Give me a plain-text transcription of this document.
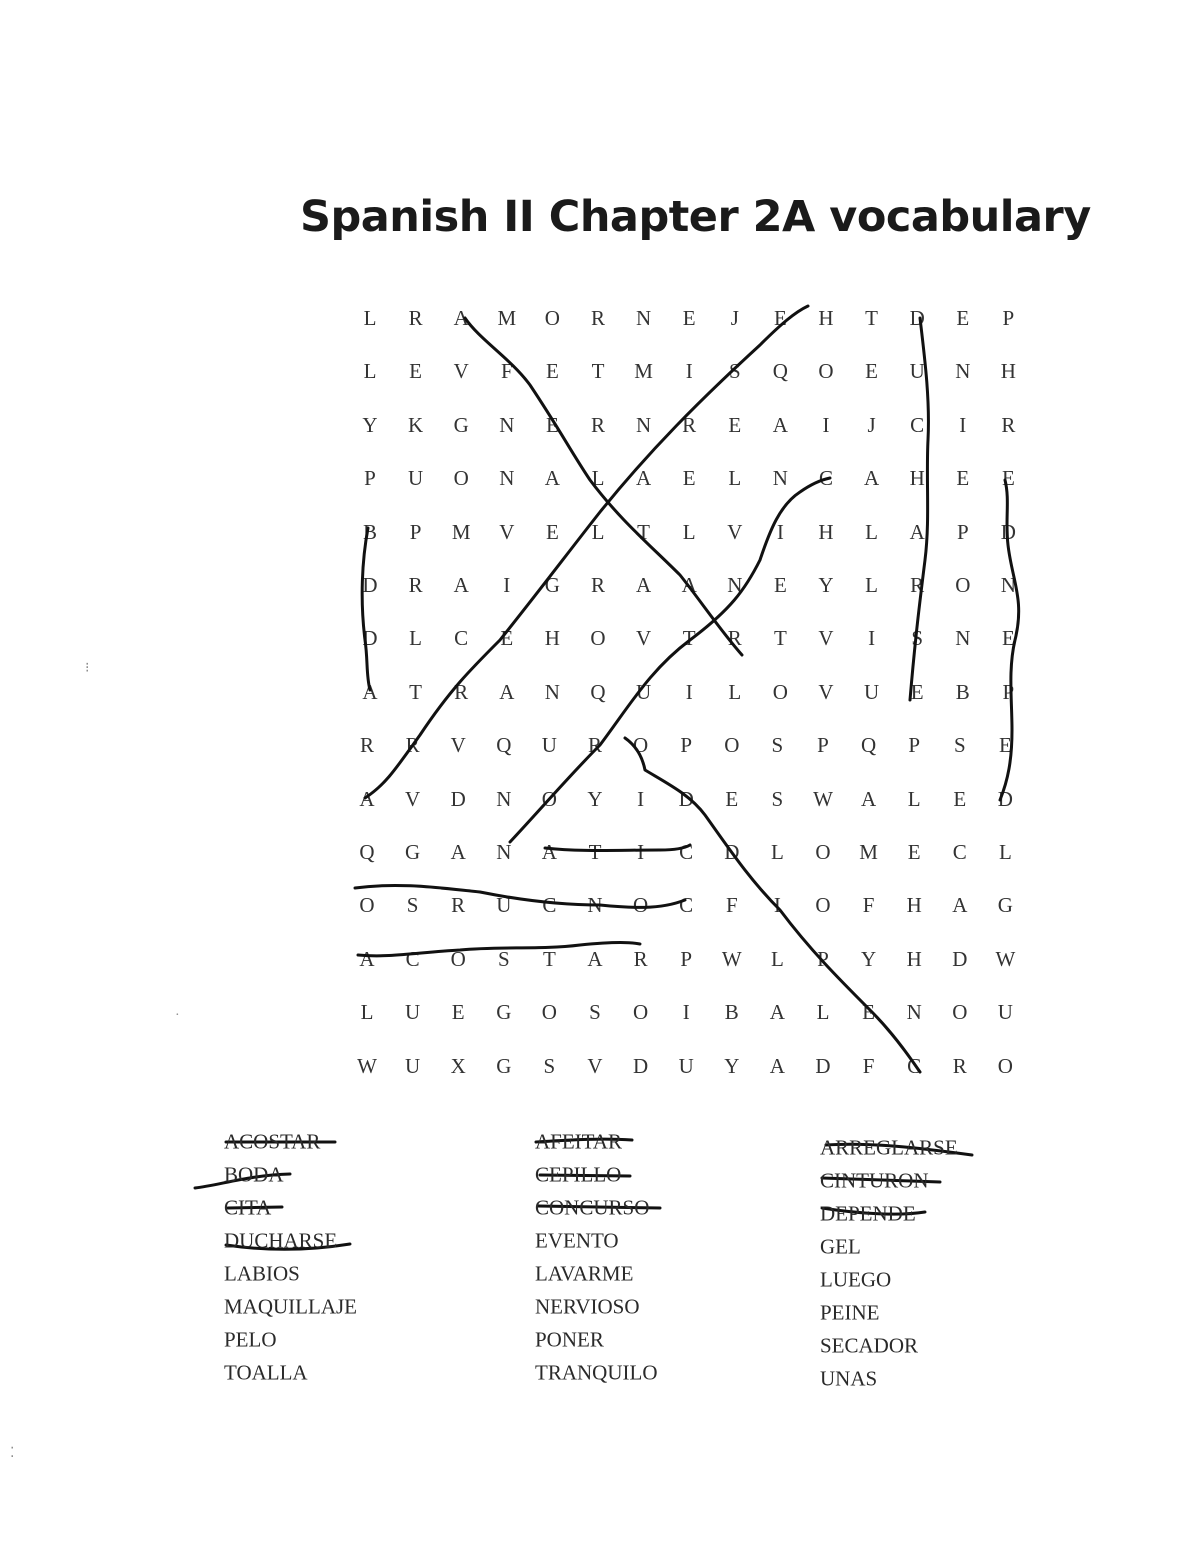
Spanish II Chapter 2A vocabulary
L	R	A	M	O	R	N	E	J	E	H	T	D	E	P
L	E	V	F	E	T	M	I	S	Q	O	E	U	N	H
Y	K	G	N	E	R	N	R	E	A	I	J	C	I	R
P	U	O	N	A	L	A	E	L	N	C	A	H	E	E
B	P	M	V	E	L	T	L	V	I	H	L	A	P	D
D	R	A	I	G	R	A	A	N	E	Y	L	R	O	N
D	L	C	E	H	O	V	T	R	T	V	I	S	N	E
A	T	R	A	N	Q	U	I	L	O	V	U	E	B	P
R	R	V	Q	U	R	O	P	O	S	P	Q	P	S	E
A	V	D	N	O	Y	I	D	E	S	W	A	L	E	D
Q	G	A	N	A	T	I	C	D	L	O	M	E	C	L
O	S	R	U	C	N	O	C	F	I	O	F	H	A	G
A	C	O	S	T	A	R	P	W	L	P	Y	H	D	W
L	U	E	G	O	S	O	I	B	A	L	E	N	O	U
W	U	X	G	S	V	D	U	Y	A	D	F	C	R	O
ACOSTAR
BODA
CITA
DUCHARSE
LABIOS
MAQUILLAJE
PELO
TOALLA
AFEITAR
CEPILLO
CONCURSO
EVENTO
LAVARME
NERVIOSO
PONER
TRANQUILO
ARREGLARSE
CINTURON
DEPENDE
GEL
LUEGO
PEINE
SECADOR
UNAS
⁝
·
⁚
